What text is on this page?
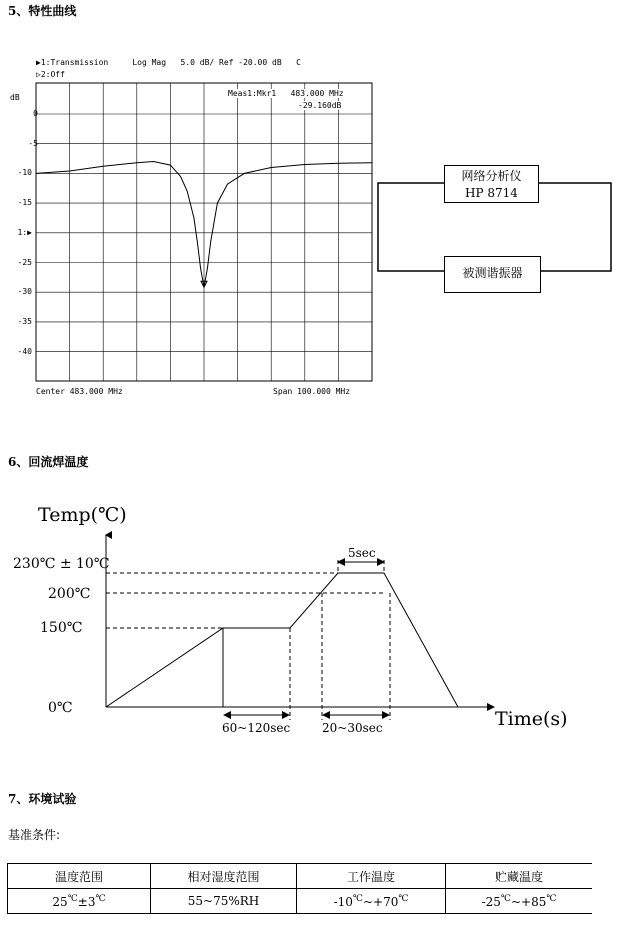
5、特性曲线
▶1:Transmission     Log Mag   5.0 dB/ Ref -20.00 dB   C
▷2:Off
dB
0
-5
-10
-15
1:▶
-25
-30
-35
-40
Meas1:Mkr1   483.000 MHz
-29.160dB
Center 483.000 MHz	Span 100.000 MHz
网络分析仪
HP 8714
被测谐振器
6、回流焊温度
Temp(℃)
Time(s)
230℃ ± 10℃
200℃
150℃
0℃
5sec
60~120sec	20~30sec
7、环境试验
基准条件:
温度范围	相对湿度范围	工作温度	贮藏温度
25℃±3℃	55~75%RH	-10℃~+70℃	-25℃~+85℃
